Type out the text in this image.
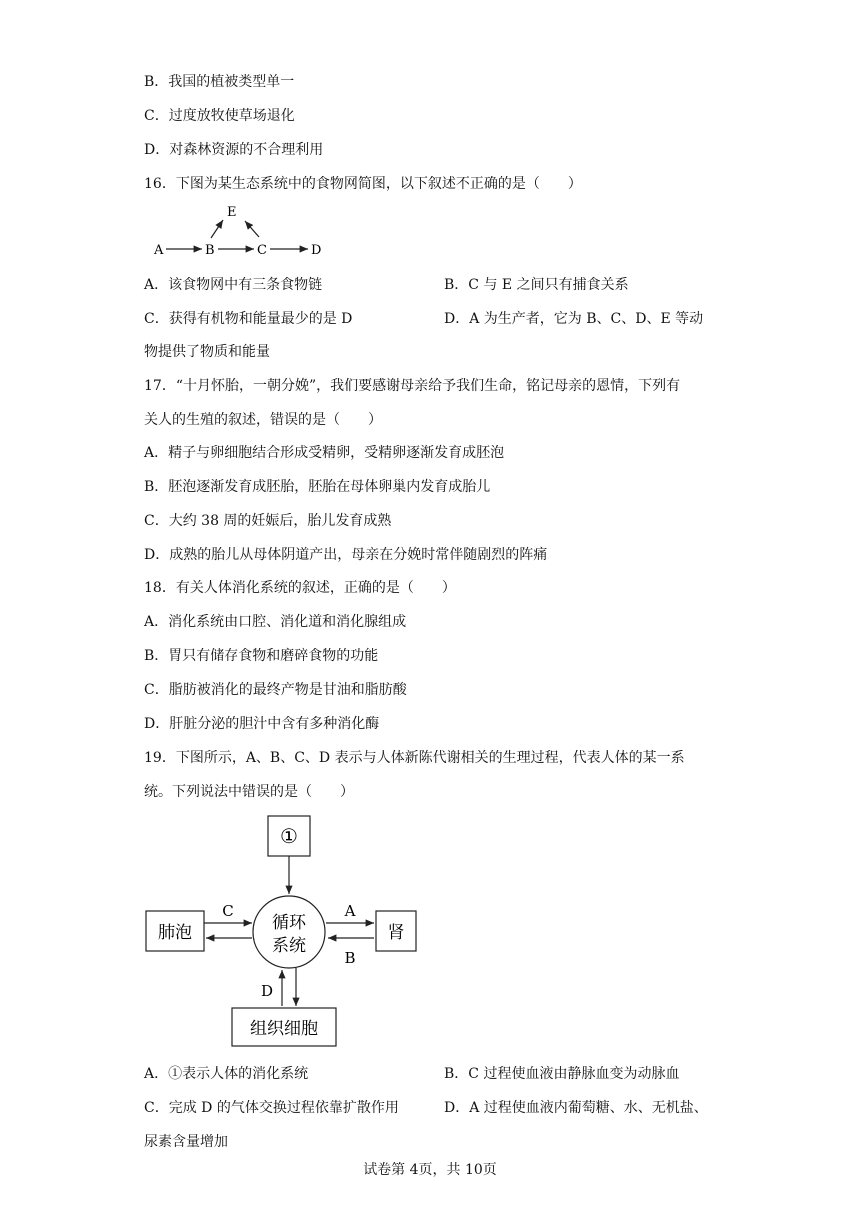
B．我国的植被类型单一
C．过度放牧使草场退化
D．对森林资源的不合理利用
16．下图为某生态系统中的食物网简图，以下叙述不正确的是（　　）
A	B	C	D
E
A．该食物网中有三条食物链	B．C 与 E 之间只有捕食关系
C．获得有机物和能量最少的是 D	D．A 为生产者，它为 B、C、D、E 等动
物提供了物质和能量
17．“十月怀胎，一朝分娩”，我们要感谢母亲给予我们生命，铭记母亲的恩情，下列有
关人的生殖的叙述，错误的是（　　）
A．精子与卵细胞结合形成受精卵，受精卵逐渐发育成胚泡
B．胚泡逐渐发育成胚胎，胚胎在母体卵巢内发育成胎儿
C．大约 38 周的妊娠后，胎儿发育成熟
D．成熟的胎儿从母体阴道产出，母亲在分娩时常伴随剧烈的阵痛
18．有关人体消化系统的叙述，正确的是（　　）
A．消化系统由口腔、消化道和消化腺组成
B．胃只有储存食物和磨碎食物的功能
C．脂肪被消化的最终产物是甘油和脂肪酸
D．肝脏分泌的胆汁中含有多种消化酶
19．下图所示，A、B、C、D 表示与人体新陈代谢相关的生理过程，代表人体的某一系
统。下列说法中错误的是（　　）
①
循环
系统
肺泡	肾
组织细胞
C	A
B
D
A．①表示人体的消化系统	B．C 过程使血液由静脉血变为动脉血
C．完成 D 的气体交换过程依靠扩散作用	D．A 过程使血液内葡萄糖、水、无机盐、
尿素含量增加
试卷第 4页，共 10页
